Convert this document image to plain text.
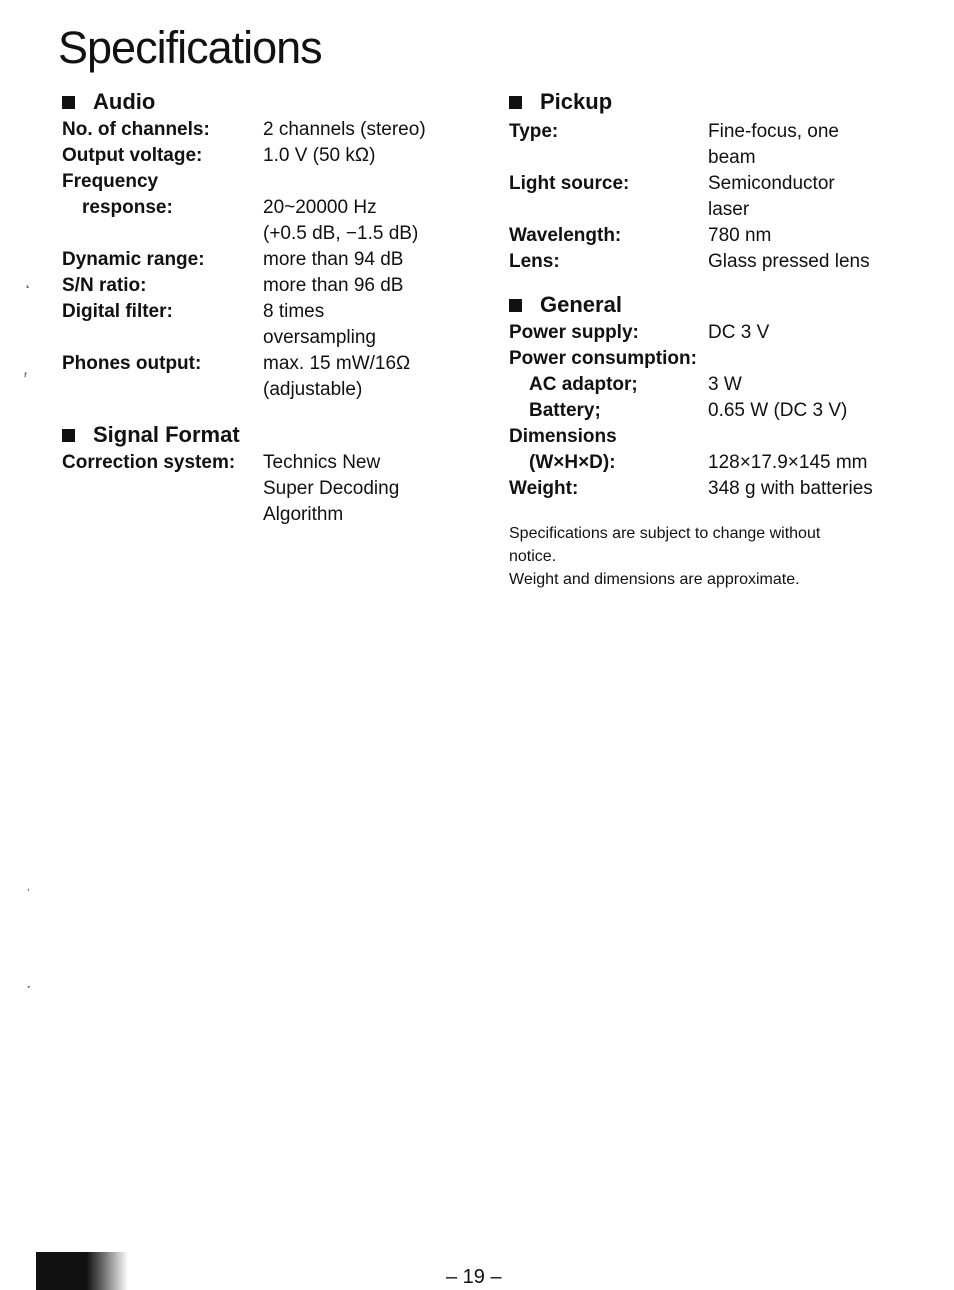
Specifications
Audio
No. of channels:	2 channels (stereo)
Output voltage:	1.0 V (50 kΩ)
Frequency
response:	20~20000 Hz
(+0.5 dB, −1.5 dB)
Dynamic range:	more than 94 dB
S/N ratio:	more than 96 dB
Digital filter:	8 times
oversampling
Phones output:	max. 15 mW/16Ω
(adjustable)
Signal Format
Correction system:	Technics New
Super Decoding
Algorithm
Pickup
Type:	Fine-focus, one
beam
Light source:	Semiconductor
laser
Wavelength:	780 nm
Lens:	Glass pressed lens
General
Power supply:	DC 3 V
Power consumption:
AC adaptor;	3 W
Battery;	0.65 W (DC 3 V)
Dimensions
(W×H×D):	128×17.9×145 mm
Weight:	348 g with batteries
Specifications are subject to change without
notice.
Weight and dimensions are approximate.
˛
ʳ
ˌ
ˏ
– 19 –
